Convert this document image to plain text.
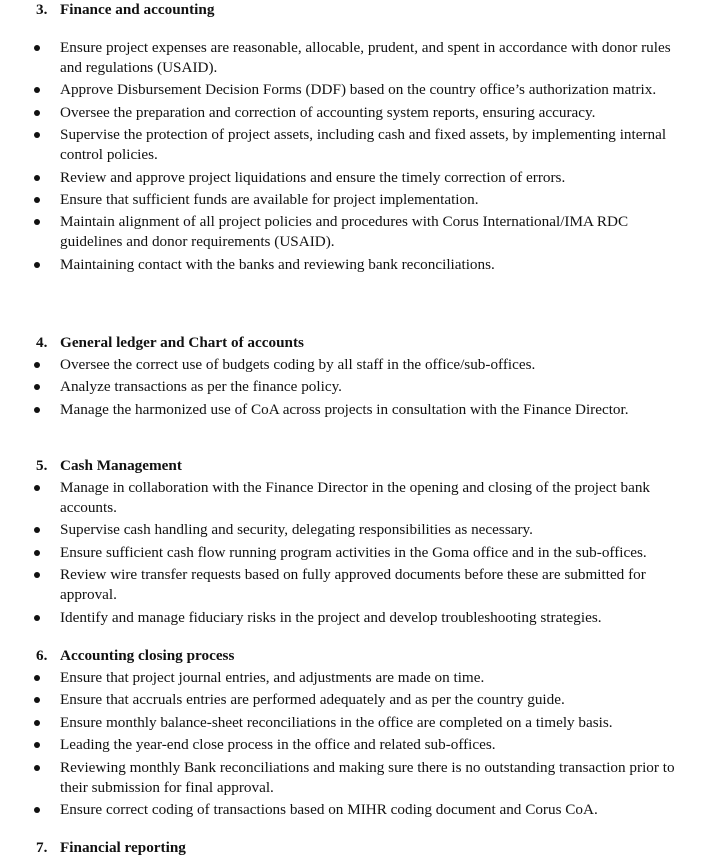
3. Finance and accounting
Ensure project expenses are reasonable, allocable, prudent, and spent in accordance with donor rules and regulations (USAID).
Approve Disbursement Decision Forms (DDF) based on the country office’s authorization matrix.
Oversee the preparation and correction of accounting system reports, ensuring accuracy.
Supervise the protection of project assets, including cash and fixed assets, by implementing internal control policies.
Review and approve project liquidations and ensure the timely correction of errors.
Ensure that sufficient funds are available for project implementation.
Maintain alignment of all project policies and procedures with Corus International/IMA RDC guidelines and donor requirements (USAID).
Maintaining contact with the banks and reviewing bank reconciliations.
4. General ledger and Chart of accounts
Oversee the correct use of budgets coding by all staff in the office/sub-offices.
Analyze transactions as per the finance policy.
Manage the harmonized use of CoA across projects in consultation with the Finance Director.
5. Cash Management
Manage in collaboration with the Finance Director in the opening and closing of the project bank accounts.
Supervise cash handling and security, delegating responsibilities as necessary.
Ensure sufficient cash flow running program activities in the Goma office and in the sub-offices.
Review wire transfer requests based on fully approved documents before these are submitted for approval.
Identify and manage fiduciary risks in the project and develop troubleshooting strategies.
6. Accounting closing process
Ensure that project journal entries, and adjustments are made on time.
Ensure that accruals entries are performed adequately and as per the country guide.
Ensure monthly balance-sheet reconciliations in the office are completed on a timely basis.
Leading the year-end close process in the office and related sub-offices.
Reviewing monthly Bank reconciliations and making sure there is no outstanding transaction prior to their submission for final approval.
Ensure correct coding of transactions based on MIHR coding document and Corus CoA.
7. Financial reporting
